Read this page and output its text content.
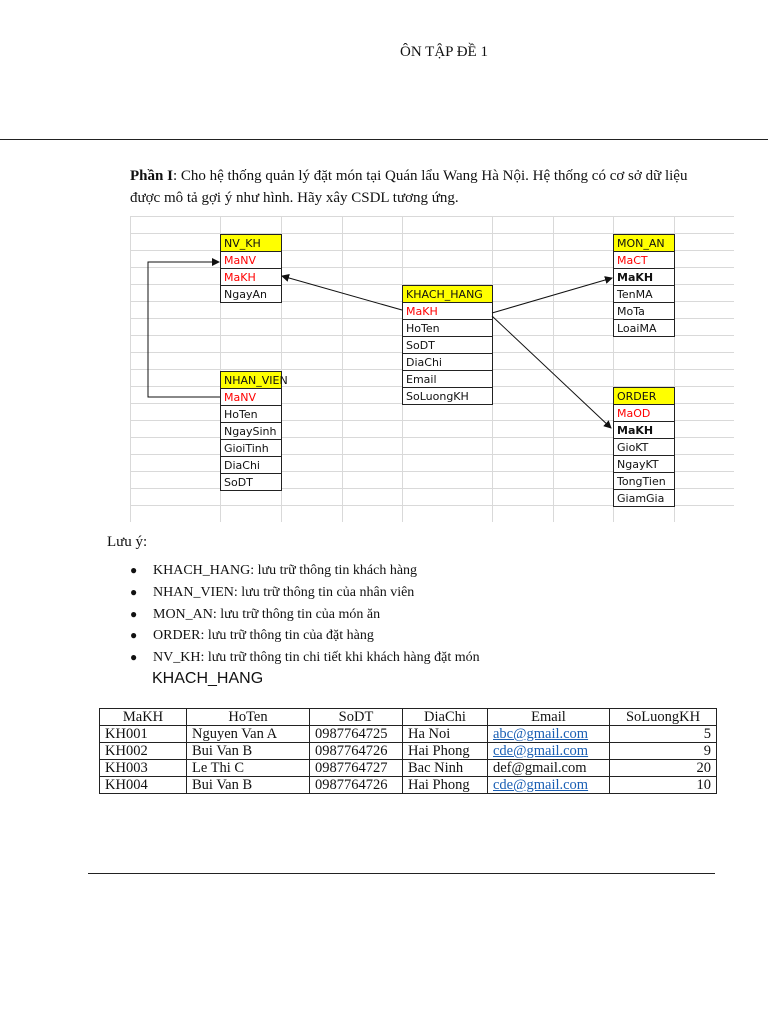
ÔN TẬP ĐỀ 1
Phần I: Cho hệ thống quản lý đặt món tại Quán lẩu Wang Hà Nội. Hệ thống có cơ sở dữ liệu được mô tả gợi ý như hình. Hãy xây CSDL tương ứng.
NV_KH
MaNV
MaKH
NgayAn
NHAN_VIEN
MaNV
HoTen
NgaySinh
GioiTinh
DiaChi
SoDT
KHACH_HANG
MaKH
HoTen
SoDT
DiaChi
Email
SoLuongKH
MON_AN
MaCT
MaKH
TenMA
MoTa
LoaiMA
ORDER
MaOD
MaKH
GioKT
NgayKT
TongTien
GiamGia
Lưu ý:
● KHACH_HANG: lưu trữ thông tin khách hàng
● NHAN_VIEN: lưu trữ thông tin của nhân viên
● MON_AN: lưu trữ thông tin của món ăn
● ORDER: lưu trữ thông tin của đặt hàng
● NV_KH: lưu trữ thông tin chi tiết khi khách hàng đặt món
KHACH_HANG
MaKH	HoTen	SoDT	DiaChi	Email	SoLuongKH
KH001	Nguyen Van A	0987764725	Ha Noi	abc@gmail.com	5
KH002	Bui Van B	0987764726	Hai Phong	cde@gmail.com	9
KH003	Le Thi C	0987764727	Bac Ninh	def@gmail.com	20
KH004	Bui Van B	0987764726	Hai Phong	cde@gmail.com	10
